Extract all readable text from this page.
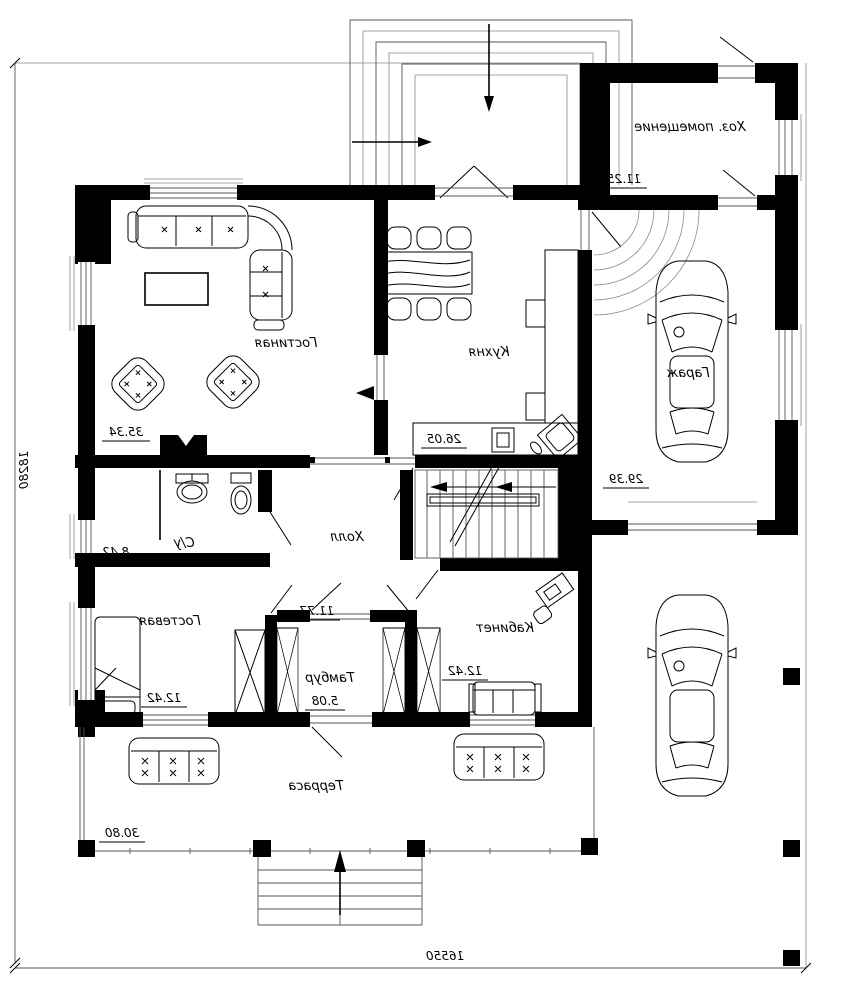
Гостиная
35.34
Кухня
26.05
Хоз. помещение
11.25
Гараж
29.39
С/у
8.42
Холл
11.77
Гостевая
12.42
Тамбур
5.08
Кабинет
12.42
Терраса
30.80
18280
16550
